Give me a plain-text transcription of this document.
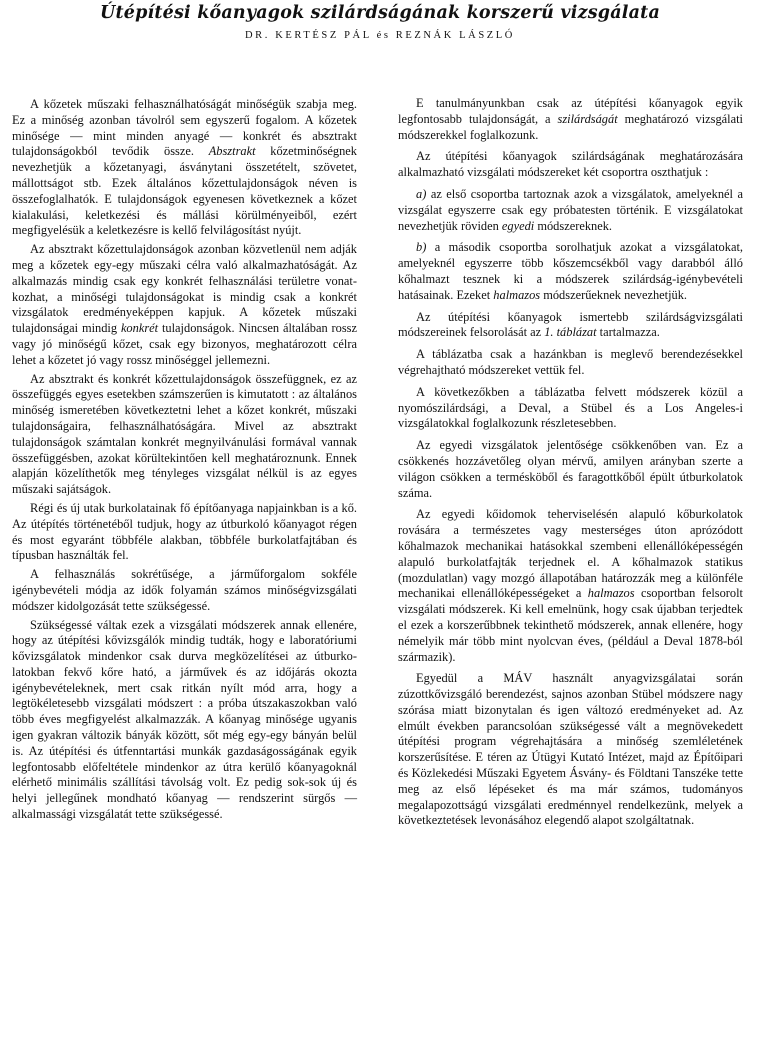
Útépítési kőanyagok szilárdságának korszerű vizsgálata
DR. KERTÉSZ PÁL és REZNÁK LÁSZLÓ

A kőzetek műszaki felhasználhatóságát minőségük szabja meg. Ez a minőség azonban távolról sem egyszerű fogalom. A kőzetek minősége — mint minden anyagé — konkrét és absztrakt tulajdonságokból tevődik össze. Absztrakt kőzetminőségnek nevezhetjük a kőzetanyagi, ásványtani összetételt, szövetet, mállottságot stb. Ezek általános kőzettulajdonságok néven is összefoglalhatók. E tulajdonságok egyenesen következnek a kőzet kialakulási, keletkezési és mállási körülményeiből, ezért megfigyelésük a keletkezésre is kellő felvilágosítást nyújt.

Az absztrakt kőzettulajdonságok azonban közvetlenül nem adják meg a kőzetek egy-egy műszaki célra való alkalmazhatóságát. Az alkalmazás mindig csak egy konkrét felhasználási területre vonatkozhat, a minőségi tulajdonságokat is mindig csak a konkrét vizsgálatok eredményeképpen kapjuk. A kőzetek műszaki tulajdonságai mindig konkrét tulajdonságok. Nincsen általában rossz vagy jó minőségű kőzet, csak egy bizonyos, meghatározott célra lehet a kőzetet jó vagy rossz minőséggel jellemezni.

Az absztrakt és konkrét kőzettulajdonságok összefüggnek, ez az összefüggés egyes esetekben számszerűen is kimutatott : az általános minőség ismeretében következtetni lehet a kőzet konkrét, műszaki tulajdonságaira, felhasználhatóságára. Mivel az absztrakt tulajdonságok számtalan konkrét megnyilvánulási formával vannak összefüggésben, azokat körültekintően kell meghatároznunk. Ennek alapján közelíthetők meg tényleges vizsgálat nélkül is az egyes műszaki sajátságok.

Régi és új utak burkolatainak fő építőanyaga napjainkban is a kő. Az útépítés történetéből tudjuk, hogy az útburkoló kőanyagot régen és most egyaránt többféle alakban, többféle burkolatfajtában és típusban használták fel.

A felhasználás sokrétűsége, a járműforgalom sokféle igénybevételi módja az idők folyamán számos minőségvizsgálati módszer kidolgozását tette szükségessé.

Szükségessé váltak ezek a vizsgálati módszerek annak ellenére, hogy az útépítési kővizsgálók mindig tudták, hogy e laboratóriumi kővizsgálatok mindenkor csak durva megközelítései az útburkolatokban fekvő kőre ható, a járművek és az időjárás okozta igénybevételeknek, mert csak ritkán nyílt mód arra, hogy a legtökéletesebb vizsgálati módszert : a próba útszakaszokban való több éves megfigyelést alkalmazzák. A kőanyag minősége ugyanis igen gyakran változik bányák között, sőt még egy-egy bányán belül is. Az útépítési és útfenntartási munkák gazdaságosságának egyik legfontosabb előfeltétele mindenkor az útra kerülő kőanyagoknál elérhető minimális szállítási távolság volt. Ez pedig sok-sok új és helyi jellegűnek mondható kőanyag — rendszerint sürgős — alkalmassági vizsgálatát tette szükségessé.

E tanulmányunkban csak az útépítési kőanyagok egyik legfontosabb tulajdonságát, a szilárdságát meghatározó vizsgálati módszerekkel foglalkozunk.

Az útépítési kőanyagok szilárdságának meghatározására alkalmazható vizsgálati módszereket két csoportra oszthatjuk :

a) az első csoportba tartoznak azok a vizsgálatok, amelyeknél a vizsgálat egyszerre csak egy próbatesten történik. E vizsgálatokat nevezhetjük röviden egyedi módszereknek.

b) a második csoportba sorolhatjuk azokat a vizsgálatokat, amelyeknél egyszerre több kőszemcsékből vagy darabból álló kőhalmazt tesznek ki a módszerek szilárdság-igénybevételi hatásainak. Ezeket halmazos módszerűeknek nevezhetjük.

Az útépítési kőanyagok ismertebb szilárdságvizsgálati módszereinek felsorolását az 1. táblázat tartalmazza.

A táblázatba csak a hazánkban is meglevő berendezésekkel végrehajtható módszereket vettük fel.

A következőkben a táblázatba felvett módszerek közül a nyomószilárdsági, a Deval, a Stübel és a Los Angeles-i vizsgálatokkal foglalkozunk részletesebben.

Az egyedi vizsgálatok jelentősége csökkenőben van. Ez a csökkenés hozzávetőleg olyan mérvű, amilyen arányban szerte a világon csökken a termésköből és faragottkőből épült útburkolatok száma.

Az egyedi kőidomok teherviselésén alapuló kőburkolatok rovására a természetes vagy mesterséges úton aprózódott kőhalmazok mechanikai hatásokkal szembeni ellenállóképességén alapuló burkolatfajták terjednek el. A kőhalmazok statikus (mozdulatlan) vagy mozgó állapotában határozzák meg a különféle mechanikai ellenállóképességeket a halmazos csoportban felsorolt vizsgálati módszerek. Ki kell emelnünk, hogy csak újabban terjedtek el ezek a korszerűbbnek tekinthető módszerek, annak ellenére, hogy némelyik már több mint nyolcvan éves, (például a Deval 1878-ból származik).

Egyedül a MÁV használt anyagvizsgálatai során zúzottkővizsgáló berendezést, sajnos azonban Stübel módszere nagy szórása miatt bizonytalan és igen változó eredményeket ad. Az elmúlt években parancsolóan szükségessé vált a megnövekedett útépítési program végrehajtására a minőség szemléletének korszerűsítése. E téren az Útügyi Kutató Intézet, majd az Építőipari és Közlekedési Műszaki Egyetem Ásvány- és Földtani Tanszéke tette meg az első lépéseket és ma már számos, tudományos megalapozottságú vizsgálati eredménnyel rendelkezünk, melyek a következtetések levonásához elegendő alapot szolgáltatnak.
